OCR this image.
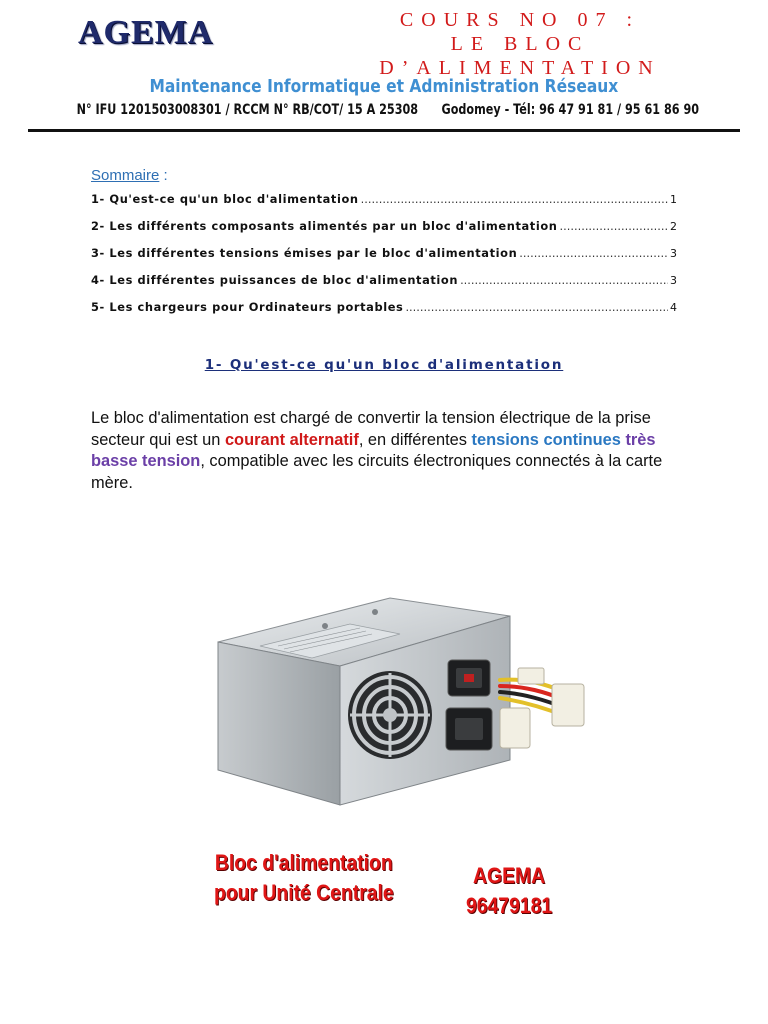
AGEMA	COURS NO 07 :
LE BLOC
D’ALIMENTATION
Maintenance Informatique et Administration Réseaux
N° IFU 1201503008301 / RCCM N° RB/COT/ 15 A 25308      Godomey - Tél: 96 47 91 81 / 95 61 86 90
Sommaire :
1- Qu'est-ce qu'un bloc d'alimentation .....	1
2- Les différents composants alimentés par un bloc d'alimentation .....	2
3- Les différentes tensions émises par le bloc d'alimentation .....	3
4- Les différentes puissances de bloc d'alimentation .....	3
5- Les chargeurs pour Ordinateurs portables .....	4
1- Qu'est-ce qu'un bloc d'alimentation

Le bloc d'alimentation est chargé de convertir la tension électrique de la prise secteur qui est un courant alternatif, en différentes tensions continues très basse tension, compatible avec les circuits électroniques connectés à la carte mère.

Bloc d'alimentation
pour Unité Centrale
AGEMA
96479181
